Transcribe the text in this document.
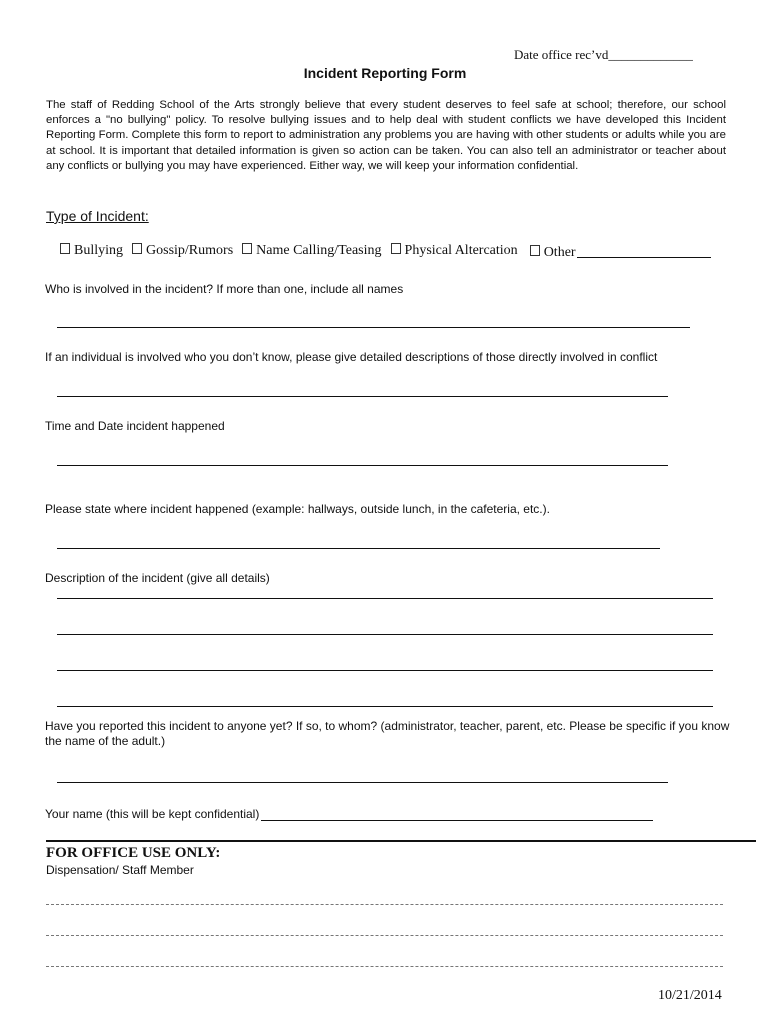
Date office rec’vd_____________
Incident Reporting Form
The staff of Redding School of the Arts strongly believe that every student deserves to feel safe at school; therefore, our school enforces a "no bullying" policy. To resolve bullying issues and to help deal with student conflicts we have developed this Incident Reporting Form. Complete this form to report to administration any problems you are having with other students or adults while you are at school. It is important that detailed information is given so action can be taken. You can also tell an administrator or teacher about any conflicts or bullying you may have experienced. Either way, we will keep your information confidential.
Type of Incident:
Bullying	Gossip/Rumors	Name Calling/Teasing	Physical Altercation	Other
Who is involved in the incident? If more than one, include all names
If an individual is involved who you don’t know, please give detailed descriptions of those directly involved in conflict
Time and Date incident happened
Please state where incident happened (example: hallways, outside lunch, in the cafeteria, etc.).
Description of the incident (give all details)
Have you reported this incident to anyone yet? If so, to whom? (administrator, teacher, parent, etc. Please be specific if you know the name of the adult.)
Your name (this will be kept confidential)
FOR OFFICE USE ONLY:
Dispensation/ Staff Member
10/21/2014
